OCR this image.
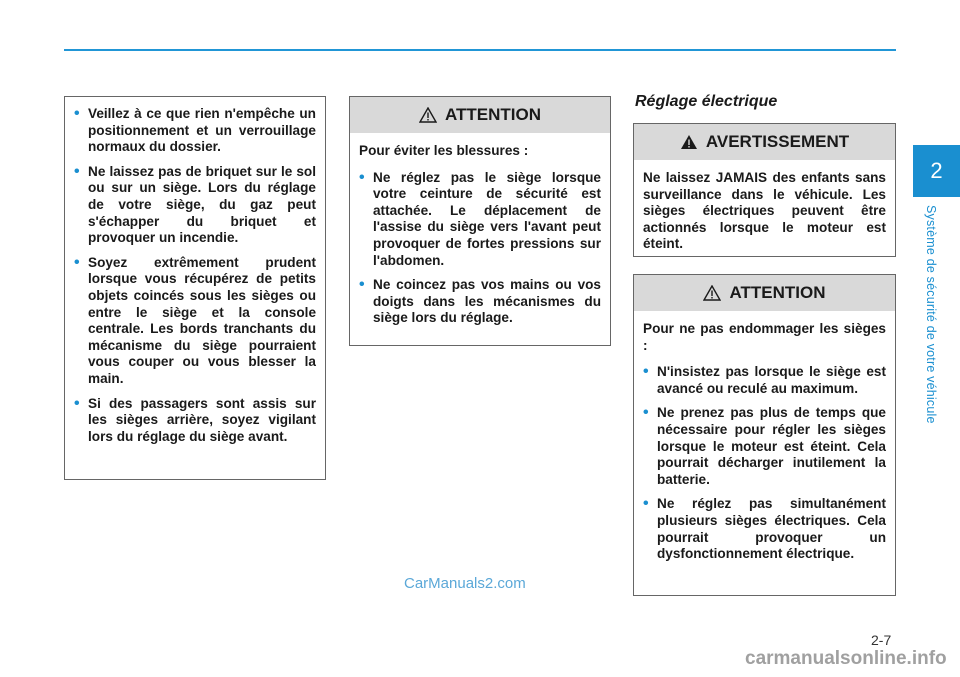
2
Système de sécurité de votre véhicule
• Veillez à ce que rien n'empêche un positionnement et un verrouillage normaux du dossier.
• Ne laissez pas de briquet sur le sol ou sur un siège. Lors du réglage de votre siège, du gaz peut s'échapper du briquet et provoquer un incendie.
• Soyez extrêmement prudent lorsque vous récupérez de petits objets coincés sous les sièges ou entre le siège et la console centrale. Les bords tranchants du mécanisme du siège pourraient vous couper ou vous blesser la main.
• Si des passagers sont assis sur les sièges arrière, soyez vigilant lors du réglage du siège avant.
ATTENTION

Pour éviter les blessures :

• Ne réglez pas le siège lorsque votre ceinture de sécurité est attachée. Le déplacement de l'assise du siège vers l'avant peut provoquer de fortes pressions sur l'abdomen.
• Ne coincez pas vos mains ou vos doigts dans les mécanismes du siège lors du réglage.
Réglage électrique
AVERTISSEMENT

Ne laissez JAMAIS des enfants sans surveillance dans le véhicule. Les sièges électriques peuvent être actionnés lorsque le moteur est éteint.

ATTENTION

Pour ne pas endommager les sièges :

• N'insistez pas lorsque le siège est avancé ou reculé au maximum.
• Ne prenez pas plus de temps que nécessaire pour régler les sièges lorsque le moteur est éteint. Cela pourrait décharger inutilement la batterie.
• Ne réglez pas simultanément plusieurs sièges électriques. Cela pourrait provoquer un dysfonctionnement électrique.
CarManuals2.com
2-7
carmanualsonline.info
